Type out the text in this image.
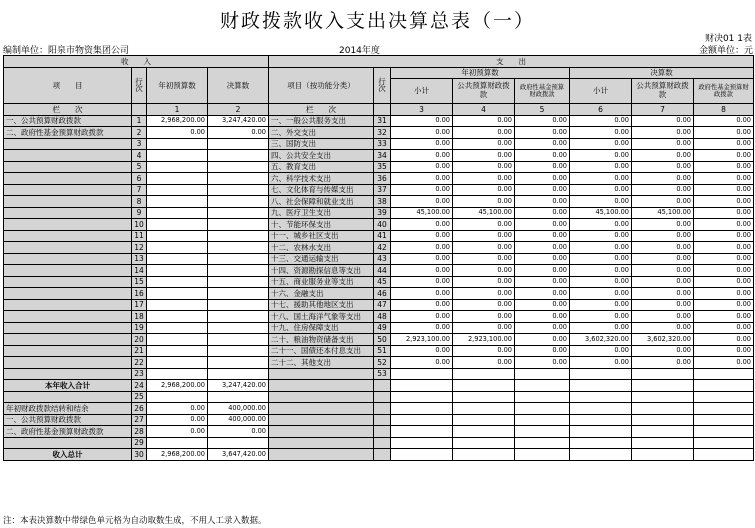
财政拨款收入支出决算总表（一）
财决01 1表
编制单位：阳泉市物资集团公司	2014年度	金额单位：元
收　　入				支　　出							
项　　目	行次	年初预算数	决算数	项目（按功能分类）	行次	年初预算数			决算数		
						小计	公共预算财政拨款	政府性基金预算财政拨款	小计	公共预算财政拨款	政府性基金预算财政拨款
栏　　次		1	2	栏　　次		3	4	5	6	7	8
一、公共预算财政拨款	1	2,968,200.00	3,247,420.00	一、一般公共服务支出	31	0.00	0.00	0.00	0.00	0.00	0.00
二、政府性基金预算财政拨款	2	0.00	0.00	二、外交支出	32	0.00	0.00	0.00	0.00	0.00	0.00
	3			三、国防支出	33	0.00	0.00	0.00	0.00	0.00	0.00
	4			四、公共安全支出	34	0.00	0.00	0.00	0.00	0.00	0.00
	5			五、教育支出	35	0.00	0.00	0.00	0.00	0.00	0.00
	6			六、科学技术支出	36	0.00	0.00	0.00	0.00	0.00	0.00
	7			七、文化体育与传媒支出	37	0.00	0.00	0.00	0.00	0.00	0.00
	8			八、社会保障和就业支出	38	0.00	0.00	0.00	0.00	0.00	0.00
	9			九、医疗卫生支出	39	45,100.00	45,100.00	0.00	45,100.00	45,100.00	0.00
	10			十、节能环保支出	40	0.00	0.00	0.00	0.00	0.00	0.00
	11			十一、城乡社区支出	41	0.00	0.00	0.00	0.00	0.00	0.00
	12			十二、农林水支出	42	0.00	0.00	0.00	0.00	0.00	0.00
	13			十三、交通运输支出	43	0.00	0.00	0.00	0.00	0.00	0.00
	14			十四、资源勘探信息等支出	44	0.00	0.00	0.00	0.00	0.00	0.00
	15			十五、商业服务业等支出	45	0.00	0.00	0.00	0.00	0.00	0.00
	16			十六、金融支出	46	0.00	0.00	0.00	0.00	0.00	0.00
	17			十七、援助其他地区支出	47	0.00	0.00	0.00	0.00	0.00	0.00
	18			十八、国土海洋气象等支出	48	0.00	0.00	0.00	0.00	0.00	0.00
	19			十九、住房保障支出	49	0.00	0.00	0.00	0.00	0.00	0.00
	20			二十、粮油物资储备支出	50	2,923,100.00	2,923,100.00	0.00	3,602,320.00	3,602,320.00	0.00
	21			二十一、国债还本付息支出	51	0.00	0.00	0.00	0.00	0.00	0.00
	22			二十二、其他支出	52	0.00	0.00	0.00	0.00	0.00	0.00
	23				53						
本年收入合计	24	2,968,200.00	3,247,420.00								
	25										
年初财政拨款结转和结余	26	0.00	400,000.00								
一、公共预算财政拨款	27	0.00	400,000.00								
二、政府性基金预算财政拨款	28	0.00	0.00								
	29										
收入总计	30	2,968,200.00	3,647,420.00								
注：本表决算数中带绿色单元格为自动取数生成，不用人工录入数据。
